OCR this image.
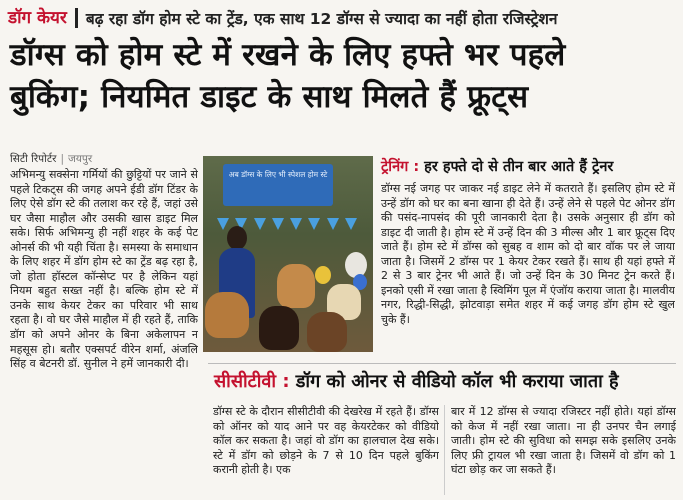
डॉग केयर बढ़ रहा डॉग होम स्टे का ट्रेंड, एक साथ 12 डॉग्स से ज्यादा का नहीं होता रजिस्ट्रेशन
डॉग्स को होम स्टे में रखने के लिए हफ्ते भर पहले
बुकिंग; नियमित डाइट के साथ मिलते हैं फ्रूट्स
सिटी रिपोर्टर | जयपुर
अभिमन्यु सक्सेना गर्मियों की छुट्टियों पर जाने से पहले टिकट्स की जगह अपने ईडी डॉग टिंडर के लिए ऐसे डॉग स्टे की तलाश कर रहे हैं, जहां उसे घर जैसा माहौल और उसकी खास डाइट मिल सके। सिर्फ अभिमन्यु ही नहीं शहर के कई पेट ओनर्स की भी यही चिंता है। समस्या के समाधान के लिए शहर में डॉग होम स्टे का ट्रेंड बढ़ रहा है, जो होता हॉस्टल कॉन्सेप्ट पर है लेकिन यहां नियम बहुत सख्त नहीं है। बल्कि होम स्टे में उनके साथ केयर टेकर का परिवार भी साथ रहता है। वो घर जैसे माहौल में ही रहते हैं, ताकि डॉग को अपने ओनर के बिना अकेलापन न महसूस हो। बतौर एक्सपर्ट वीरेन शर्मा, अंजलि सिंह व बेटनरी डॉ. सुनील ने हमें जानकारी दी।
अब डॉग्स के लिए भी स्पेशल होम स्टे	ट्रेनिंग : हर हफ्ते दो से तीन बार आते हैं ट्रेनर
डॉग्स नई जगह पर जाकर नई डाइट लेने में कतराते हैं। इसलिए होम स्टे में उन्हें डॉग को घर का बना खाना ही देते हैं। उन्हें लेने से पहले पेट ओनर डॉग की पसंद-नापसंद की पूरी जानकारी देता है। उसके अनुसार ही डॉग को डाइट दी जाती है। होम स्टे में उन्हें दिन की 3 मील्स और 1 बार फ्रूट्स दिए जाते हैं। होम स्टे में डॉग्स को सुबह व शाम को दो बार वॉक पर ले जाया जाता है। जिसमें 2 डॉग्स पर 1 केयर टेकर रखते हैं। साथ ही यहां हफ्ते में 2 से 3 बार ट्रेनर भी आते हैं। जो उन्हें दिन के 30 मिनट ट्रेन करते हैं। इनको एसी में रखा जाता है स्विमिंग पूल में एंजॉय कराया जाता है। मालवीय नगर, रिद्धी-सिद्धी, झोटवाड़ा समेत शहर में कई जगह डॉग होम स्टे खुल चुके हैं।
सीसीटीवी : डॉग को ओनर से वीडियो कॉल भी कराया जाता है
डॉग्स स्टे के दौरान सीसीटीवी की देखरेख में रहते हैं। डॉग्स को ऑनर को याद आने पर वह केयरटेकर को वीडियो कॉल कर सकता है। जहां वो डॉग का हालचाल देख सके। स्टे में डॉग को छोड़ने के 7 से 10 दिन पहले बुकिंग करानी होती है। एक
बार में 12 डॉग्स से ज्यादा रजिस्टर नहीं होते। यहां डॉग्स को केज में नहीं रखा जाता। ना ही उनपर चैन लगाई जाती। होम स्टे की सुविधा को समझ सके इसलिए उनके लिए फ्री ट्रायल भी रखा जाता है। जिसमें वो डॉग को 1 घंटा छोड़ कर जा सकते हैं।
